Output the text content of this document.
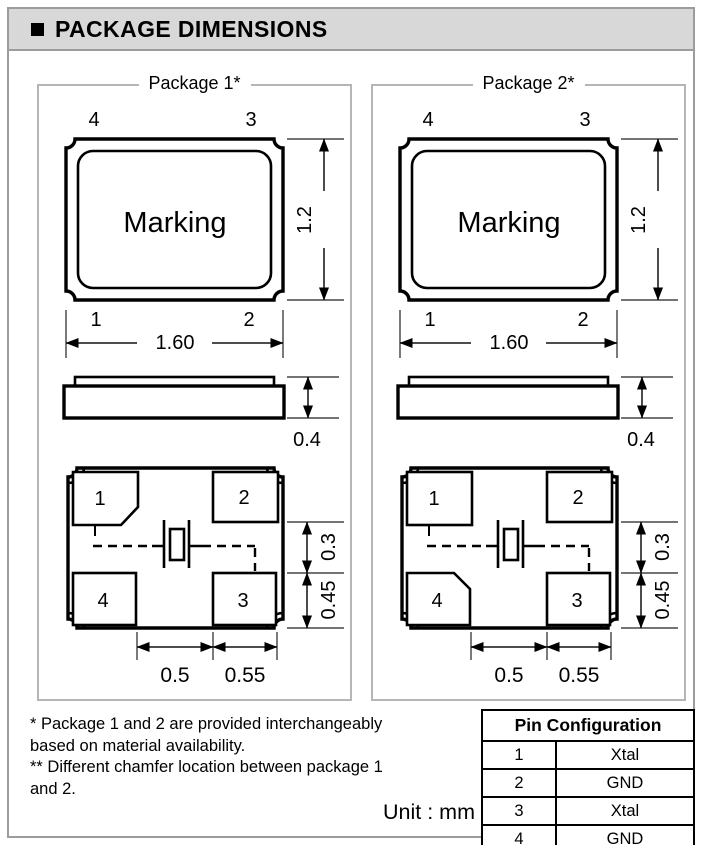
PACKAGE DIMENSIONS
Package 1*
4	3
Marking
1	2
1.2
1.60
0.4
1	2
4	3
0.3
0.45
0.5 0.55
Package 2*
4	3
Marking
1	2
1.2
1.60
0.4
1	2
4	3
0.3
0.45
0.5 0.55
* Package 1 and 2 are provided interchangeably based on material availability.
** Different chamfer location between package 1 and 2.
Unit : mm
Pin Configuration	
1	Xtal
2	GND
3	Xtal
4	GND
